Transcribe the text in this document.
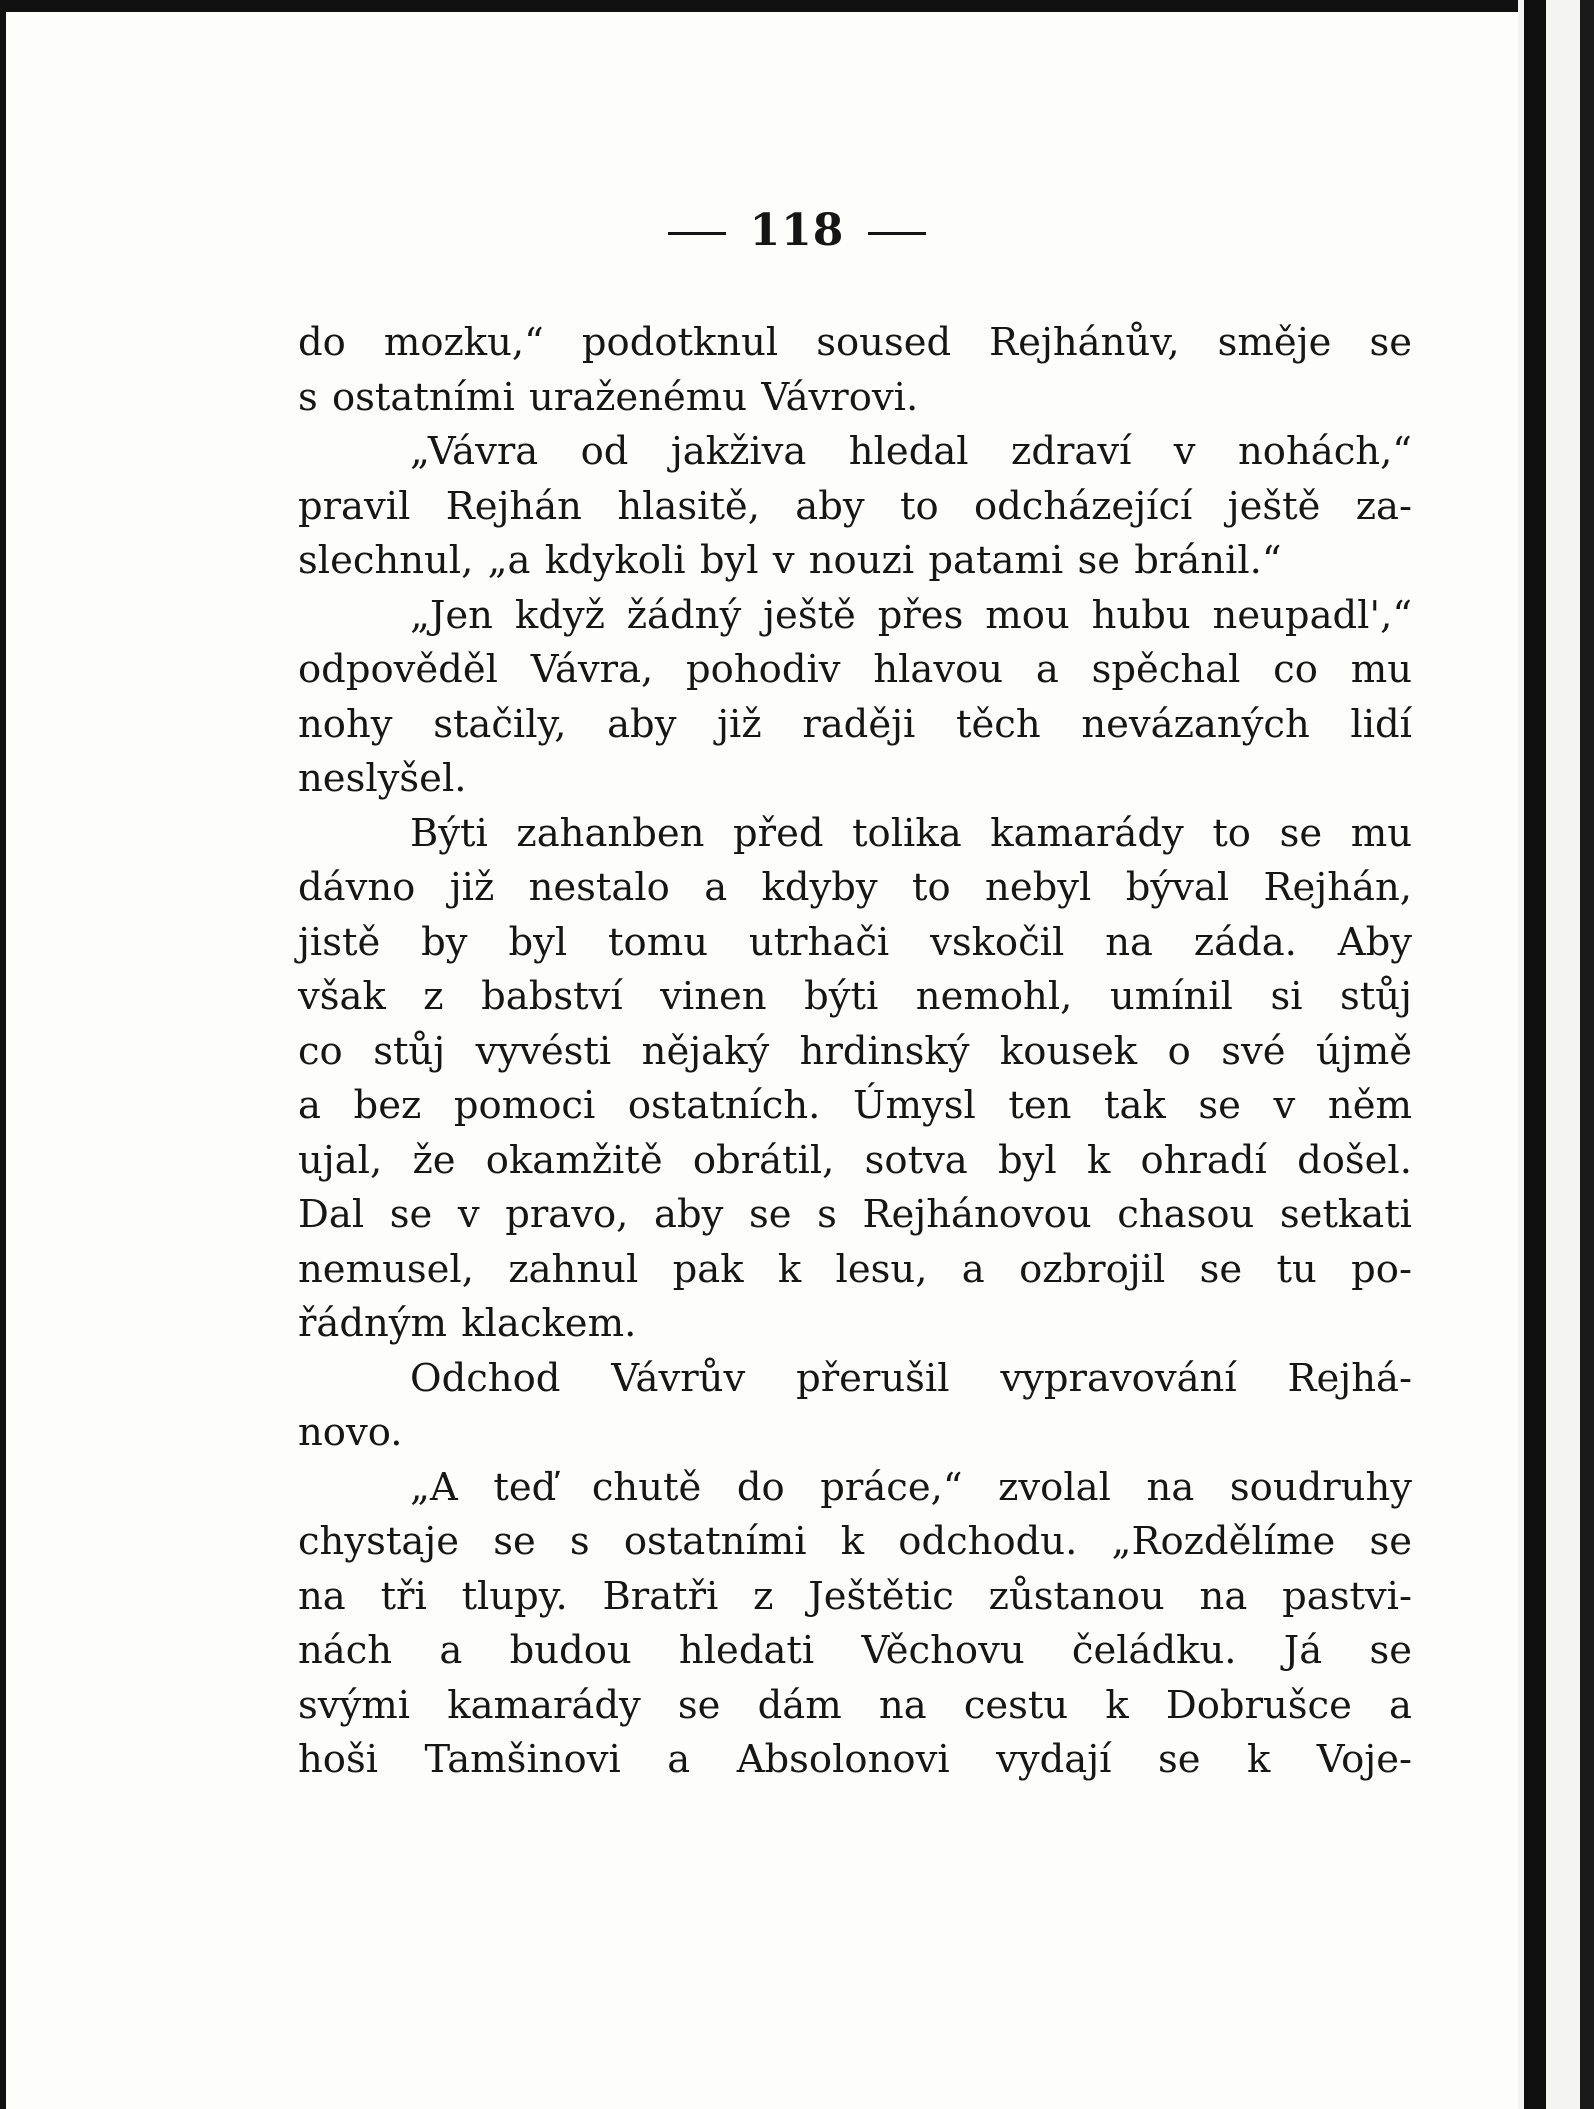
118
do mozku,“ podotknul soused Rejhánův, směje se
s ostatními uraženému Vávrovi.
„Vávra od jakživa hledal zdraví v nohách,“
pravil Rejhán hlasitě, aby to odcházející ještě za-
slechnul, „a kdykoli byl v nouzi patami se bránil.“
„Jen když žádný ještě přes mou hubu neupadl',“
odpověděl Vávra, pohodiv hlavou a spěchal co mu
nohy stačily, aby již raději těch nevázaných lidí
neslyšel.
Býti zahanben před tolika kamarády to se mu
dávno již nestalo a kdyby to nebyl býval Rejhán,
jistě by byl tomu utrhači vskočil na záda. Aby
však z babství vinen býti nemohl, umínil si stůj
co stůj vyvésti nějaký hrdinský kousek o své újmě
a bez pomoci ostatních. Úmysl ten tak se v něm
ujal, že okamžitě obrátil, sotva byl k ohradí došel.
Dal se v pravo, aby se s Rejhánovou chasou setkati
nemusel, zahnul pak k lesu, a ozbrojil se tu po-
řádným klackem.
Odchod Vávrův přerušil vypravování Rejhá-
novo.
„A teď chutě do práce,“ zvolal na soudruhy
chystaje se s ostatními k odchodu. „Rozdělíme se
na tři tlupy. Bratři z Ještětic zůstanou na pastvi-
nách a budou hledati Věchovu čeládku. Já se
svými kamarády se dám na cestu k Dobrušce a
hoši Tamšinovi a Absolonovi vydají se k Voje-
